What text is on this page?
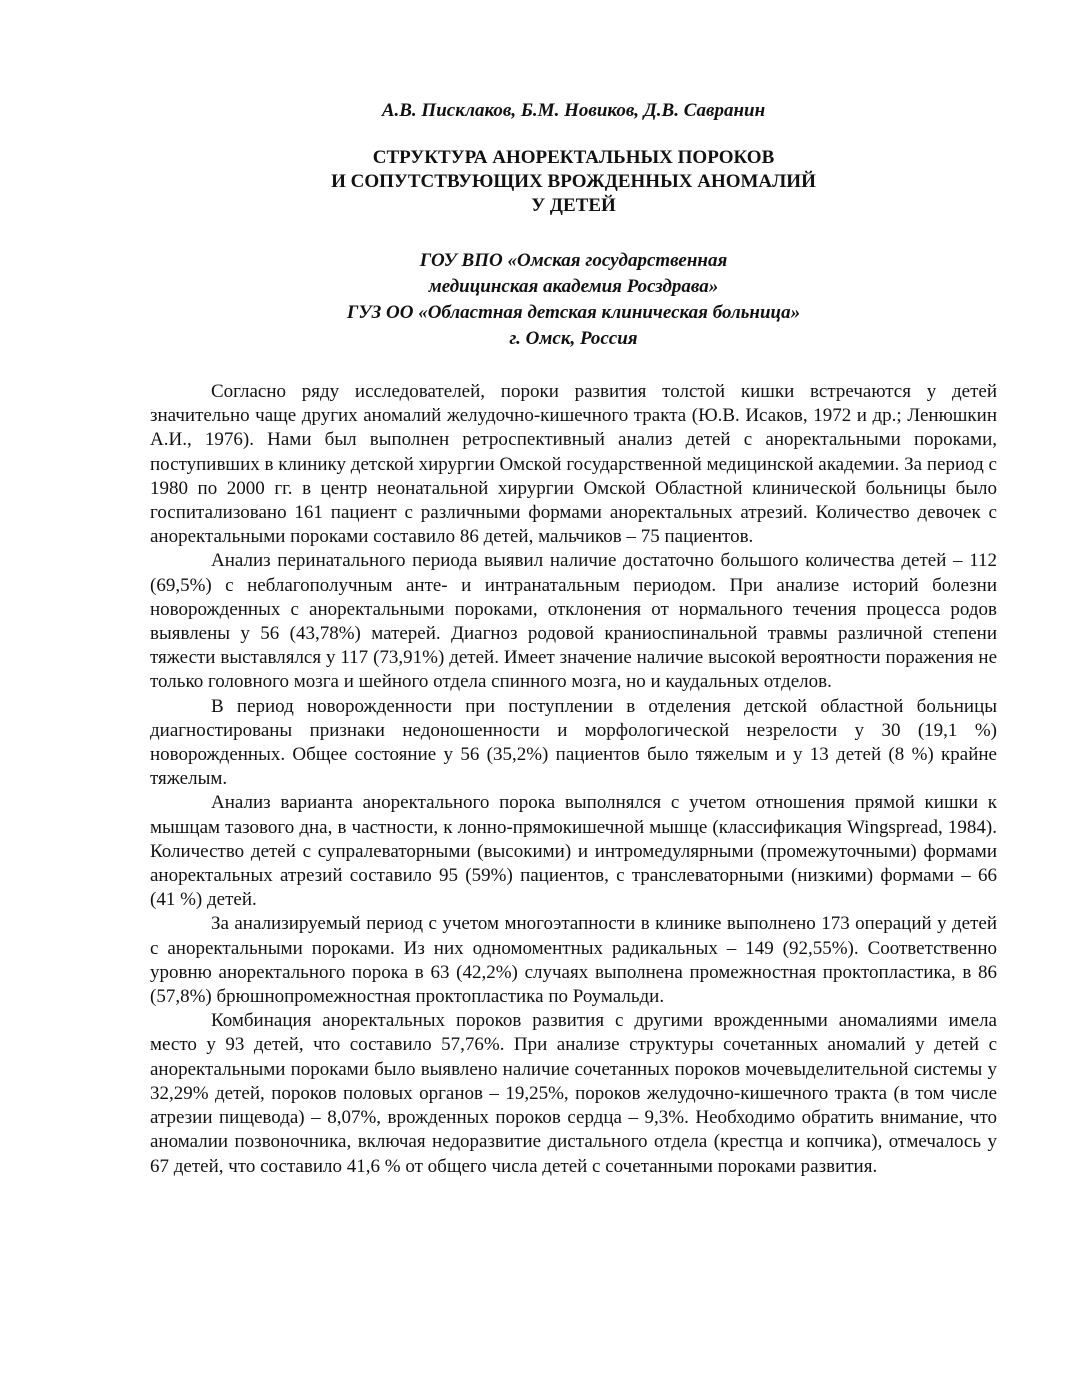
А.В. Писклаков, Б.М. Новиков, Д.В. Савранин
СТРУКТУРА АНОРЕКТАЛЬНЫХ ПОРОКОВ
И СОПУТСТВУЮЩИХ ВРОЖДЕННЫХ АНОМАЛИЙ
У ДЕТЕЙ
ГОУ ВПО «Омская государственная
медицинская академия Росздрава»
ГУЗ ОО «Областная детская клиническая больница»
г. Омск, Россия

Согласно ряду исследователей, пороки развития толстой кишки встречаются у детей значительно чаще других аномалий желудочно-кишечного тракта (Ю.В. Исаков, 1972 и др.; Ленюшкин А.И., 1976). Нами был выполнен ретроспективный анализ детей с аноректальными пороками, поступивших в клинику детской хирургии Омской государственной медицинской академии. За период с 1980 по 2000 гг. в центр неонатальной хирургии Омской Областной клинической больницы было госпитализовано 161 пациент с различными формами аноректальных атрезий. Количество девочек с аноректальными пороками составило 86 детей, мальчиков – 75 пациентов.

Анализ перинатального периода выявил наличие достаточно большого количества детей – 112 (69,5%) с неблагополучным анте- и интранатальным периодом. При анализе историй болезни новорожденных с аноректальными пороками, отклонения от нормального течения процесса родов выявлены у 56 (43,78%) матерей. Диагноз родовой краниоспинальной травмы различной степени тяжести выставлялся у 117 (73,91%) детей. Имеет значение наличие высокой вероятности поражения не только головного мозга и шейного отдела спинного мозга, но и каудальных отделов.

В период новорожденности при поступлении в отделения детской областной больницы диагностированы признаки недоношенности и морфологической незрелости у 30 (19,1 %) новорожденных. Общее состояние у 56 (35,2%) пациентов было тяжелым и у 13 детей (8 %) крайне тяжелым.

Анализ варианта аноректального порока выполнялся с учетом отношения прямой кишки к мышцам тазового дна, в частности, к лонно-прямокишечной мышце (классификация Wingspread, 1984). Количество детей с супралеваторными (высокими) и интромедулярными (промежуточными) формами аноректальных атрезий составило 95 (59%) пациентов, с транслеваторными (низкими) формами – 66 (41 %) детей.

За анализируемый период с учетом многоэтапности в клинике выполнено 173 операций у детей с аноректальными пороками. Из них одномоментных радикальных – 149 (92,55%). Соответственно уровню аноректального порока в 63 (42,2%) случаях выполнена промежностная проктопластика, в 86 (57,8%) брюшнопромежностная проктопластика по Роумальди.

Комбинация аноректальных пороков развития с другими врожденными аномалиями имела место у 93 детей, что составило 57,76%. При анализе структуры сочетанных аномалий у детей с аноректальными пороками было выявлено наличие сочетанных пороков мочевыделительной системы у 32,29% детей, пороков половых органов – 19,25%, пороков желудочно-кишечного тракта (в том числе атрезии пищевода) – 8,07%, врожденных пороков сердца – 9,3%. Необходимо обратить внимание, что аномалии позвоночника, включая недоразвитие дистального отдела (крестца и копчика), отмечалось у 67 детей, что составило 41,6 % от общего числа детей с сочетанными пороками развития.
